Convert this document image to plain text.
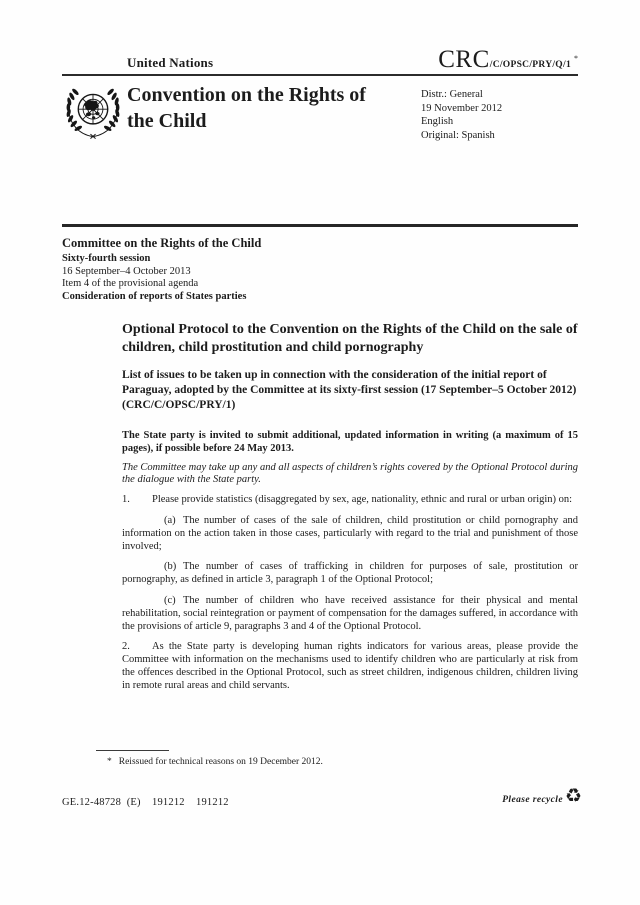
United Nations	CRC/C/OPSC/PRY/Q/1*
Convention on the Rights of the Child
Distr.: General
19 November 2012
English
Original: Spanish
Committee on the Rights of the Child
Sixty-fourth session
16 September–4 October 2013
Item 4 of the provisional agenda
Consideration of reports of States parties
Optional Protocol to the Convention on the Rights of the Child on the sale of children, child prostitution and child pornography
List of issues to be taken up in connection with the consideration of the initial report of Paraguay, adopted by the Committee at its sixty-first session (17 September–5 October 2012) (CRC/C/OPSC/PRY/1)

The State party is invited to submit additional, updated information in writing (a maximum of 15 pages), if possible before 24 May 2013.

The Committee may take up any and all aspects of children’s rights covered by the Optional Protocol during the dialogue with the State party.

1. Please provide statistics (disaggregated by sex, age, nationality, ethnic and rural or urban origin) on:

(a) The number of cases of the sale of children, child prostitution or child pornography and information on the action taken in those cases, particularly with regard to the trial and punishment of those involved;

(b) The number of cases of trafficking in children for purposes of sale, prostitution or pornography, as defined in article 3, paragraph 1 of the Optional Protocol;

(c) The number of children who have received assistance for their physical and mental rehabilitation, social reintegration or payment of compensation for the damages suffered, in accordance with the provisions of article 9, paragraphs 3 and 4 of the Optional Protocol.

2. As the State party is developing human rights indicators for various areas, please provide the Committee with information on the mechanisms used to identify children who are particularly at risk from the offences described in the Optional Protocol, such as street children, indigenous children, children living in remote rural areas and child servants.

* Reissued for technical reasons on 19 December 2012.
GE.12-48728  (E)    191212    191212	Please recycle ♻
